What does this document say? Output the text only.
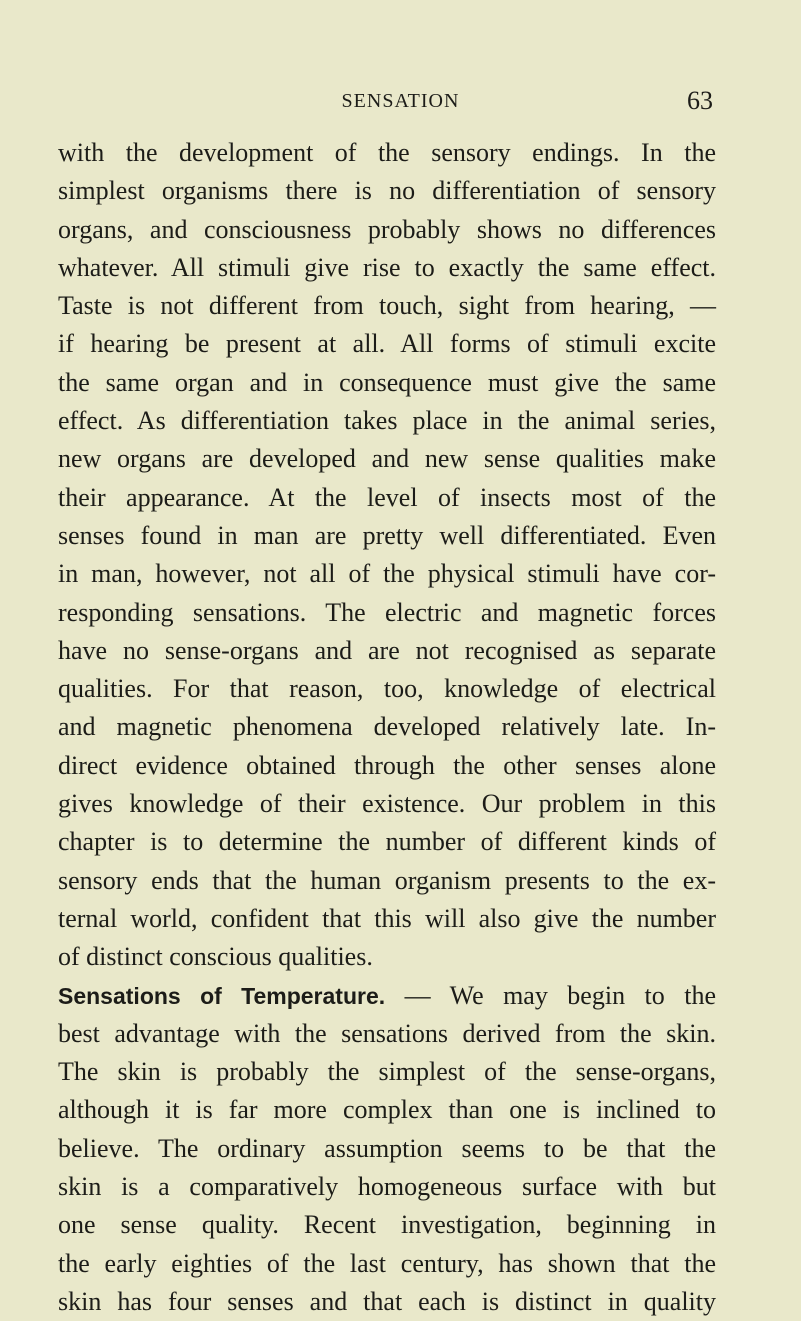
SENSATION	63
with the development of the sensory endings. In the
simplest organisms there is no differentiation of sensory
organs, and consciousness probably shows no differences
whatever. All stimuli give rise to exactly the same effect.
Taste is not different from touch, sight from hearing, —
if hearing be present at all. All forms of stimuli excite
the same organ and in consequence must give the same
effect. As differentiation takes place in the animal series,
new organs are developed and new sense qualities make
their appearance. At the level of insects most of the
senses found in man are pretty well differentiated. Even
in man, however, not all of the physical stimuli have cor-
responding sensations. The electric and magnetic forces
have no sense-organs and are not recognised as separate
qualities. For that reason, too, knowledge of electrical
and magnetic phenomena developed relatively late. In-
direct evidence obtained through the other senses alone
gives knowledge of their existence. Our problem in this
chapter is to determine the number of different kinds of
sensory ends that the human organism presents to the ex-
ternal world, confident that this will also give the number
of distinct conscious qualities.
Sensations of Temperature. — We may begin to the
best advantage with the sensations derived from the skin.
The skin is probably the simplest of the sense-organs,
although it is far more complex than one is inclined to
believe. The ordinary assumption seems to be that the
skin is a comparatively homogeneous surface with but
one sense quality. Recent investigation, beginning in
the early eighties of the last century, has shown that the
skin has four senses and that each is distinct in quality
